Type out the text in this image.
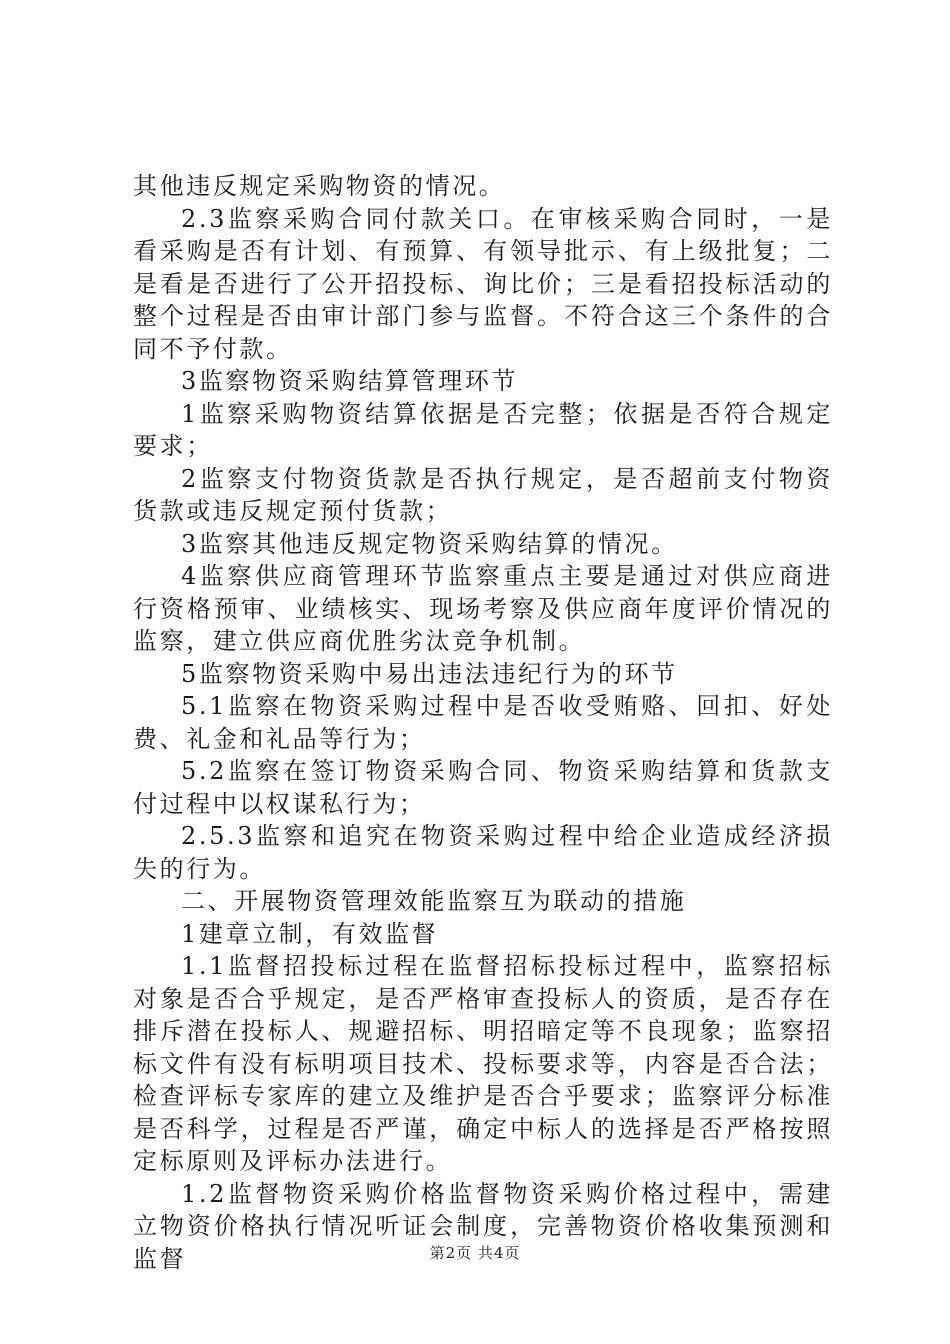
其他违反规定采购物资的情况。

2.3监察采购合同付款关口。在审核采购合同时，一是看采购是否有计划、有预算、有领导批示、有上级批复；二是看是否进行了公开招投标、询比价；三是看招投标活动的整个过程是否由审计部门参与监督。不符合这三个条件的合同不予付款。

3监察物资采购结算管理环节

1监察采购物资结算依据是否完整；依据是否符合规定要求；

2监察支付物资货款是否执行规定，是否超前支付物资货款或违反规定预付货款；

3监察其他违反规定物资采购结算的情况。

4监察供应商管理环节监察重点主要是通过对供应商进行资格预审、业绩核实、现场考察及供应商年度评价情况的监察，建立供应商优胜劣汰竞争机制。

5监察物资采购中易出违法违纪行为的环节

5.1监察在物资采购过程中是否收受贿赂、回扣、好处费、礼金和礼品等行为；

5.2监察在签订物资采购合同、物资采购结算和货款支付过程中以权谋私行为；

2.5.3监察和追究在物资采购过程中给企业造成经济损失的行为。

二、开展物资管理效能监察互为联动的措施

1建章立制，有效监督

1.1监督招投标过程在监督招标投标过程中，监察招标对象是否合乎规定，是否严格审查投标人的资质，是否存在排斥潜在投标人、规避招标、明招暗定等不良现象；监察招标文件有没有标明项目技术、投标要求等，内容是否合法；检查评标专家库的建立及维护是否合乎要求；监察评分标准是否科学，过程是否严谨，确定中标人的选择是否严格按照定标原则及评标办法进行。

1.2监督物资采购价格监督物资采购价格过程中，需建立物资价格执行情况听证会制度，完善物资价格收集预测和监督	第2页 共4页
